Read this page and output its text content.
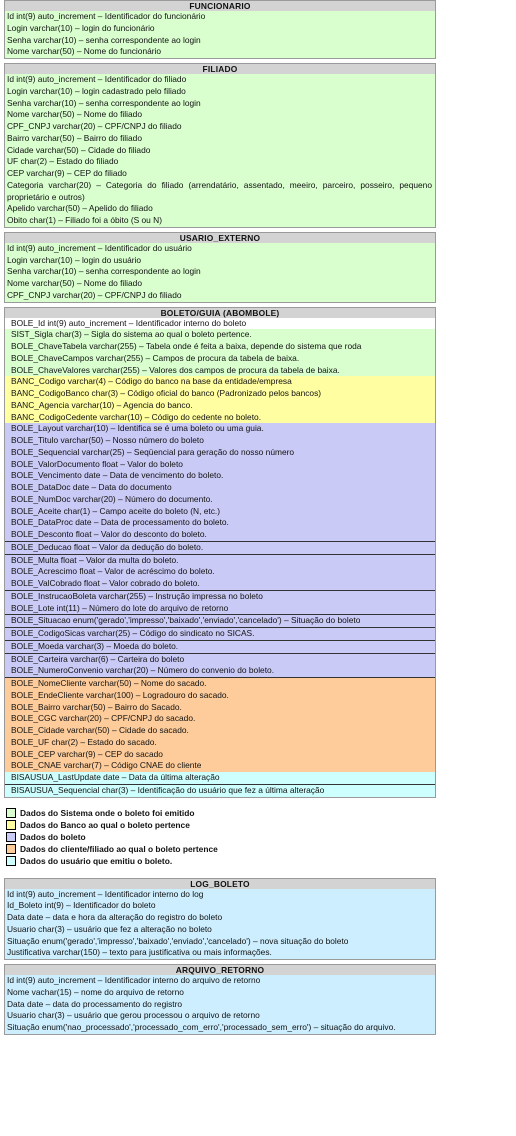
FUNCIONARIO
Id int(9) auto_increment – Identificador do funcionário
Login varchar(10) – login do funcionário
Senha varchar(10) – senha correspondente ao login
Nome varchar(50) – Nome do funcionário
FILIADO
Id int(9) auto_increment – Identificador do filiado
Login varchar(10) – login cadastrado pelo filiado
Senha varchar(10) – senha correspondente ao login
Nome varchar(50) – Nome do filiado
CPF_CNPJ varchar(20) – CPF/CNPJ do filiado
Bairro varchar(50) – Bairro do filiado
Cidade varchar(50) – Cidade do filiado
UF char(2) – Estado do filiado
CEP varchar(9) – CEP do filiado
Categoria varchar(20) – Categoria do filiado (arrendatário, assentado, meeiro, parceiro, posseiro, pequeno proprietário e outros)
Apelido varchar(50) – Apelido do filiado
Obito char(1) – Filiado foi a óbito (S ou N)
USARIO_EXTERNO
Id int(9) auto_increment – Identificador do usuário
Login varchar(10) – login do usuário
Senha varchar(10) – senha correspondente ao login
Nome varchar(50) – Nome do filiado
CPF_CNPJ varchar(20) – CPF/CNPJ do filiado
BOLETO/GUIA (ABOMBOLE)
BOLE_Id int(9) auto_increment – Identificador interno do boleto
SIST_Sigla char(3) – Sigla do sistema ao qual o boleto pertence.
BOLE_ChaveTabela varchar(255) – Tabela onde é feita a baixa, depende do sistema que roda
BOLE_ChaveCampos varchar(255) – Campos de procura da tabela de baixa.
BOLE_ChaveValores varchar(255) – Valores dos campos de procura da tabela de baixa.
BANC_Codigo varchar(4) – Código do banco na base da entidade/empresa
BANC_CodigoBanco char(3) – Código oficial do banco (Padronizado pelos bancos)
BANC_Agencia varchar(10) – Agencia do banco.
BANC_CodigoCedente varchar(10) – Código do cedente no boleto.
BOLE_Layout varchar(10) – Identifica se é uma boleto ou uma guia.
BOLE_Titulo varchar(50) – Nosso número do boleto
BOLE_Sequencial varchar(25) – Seqüencial para geração do nosso número
BOLE_ValorDocumento float – Valor do boleto
BOLE_Vencimento date – Data de vencimento do boleto.
BOLE_DataDoc date – Data do documento
BOLE_NumDoc varchar(20) – Número do documento.
BOLE_Aceite char(1) – Campo aceite do boleto (N, etc.)
BOLE_DataProc date – Data de processamento do boleto.
BOLE_Desconto float – Valor do desconto do boleto.
BOLE_Deducao float – Valor da dedução do boleto.
BOLE_Multa float – Valor da multa do boleto.
BOLE_Acrescimo float – Valor de acréscimo do boleto.
BOLE_ValCobrado float – Valor cobrado do boleto.
BOLE_InstrucaoBoleta varchar(255) – Instrução impressa no boleto
BOLE_Lote int(11) – Número do lote do arquivo de retorno
BOLE_Situacao enum('gerado','impresso','baixado','enviado','cancelado') – Situação do boleto
BOLE_CodigoSicas varchar(25) – Código do sindicato no SICAS.
BOLE_Moeda varchar(3) – Moeda do boleto.
BOLE_Carteira varchar(6) – Carteira do boleto
BOLE_NumeroConvenio varchar(20) – Número do convenio do boleto.
BOLE_NomeCliente varchar(50) – Nome do sacado.
BOLE_EndeCliente varchar(100) – Logradouro do sacado.
BOLE_Bairro varchar(50) – Bairro do Sacado.
BOLE_CGC varchar(20) – CPF/CNPJ do sacado.
BOLE_Cidade varchar(50) – Cidade do sacado.
BOLE_UF char(2) – Estado do sacado.
BOLE_CEP varchar(9) – CEP do sacado
BOLE_CNAE varchar(7) – Código CNAE do cliente
BISAUSUA_LastUpdate date – Data da última alteração
BISAUSUA_Sequencial char(3) – Identificação do usuário que fez a última alteração
Dados do Sistema onde o boleto foi emitido
Dados do Banco ao qual o boleto pertence
Dados do boleto
Dados do cliente/filiado ao qual o boleto pertence
Dados do usuário que emitiu o boleto.
LOG_BOLETO
Id int(9) auto_increment – Identificador interno do log
Id_Boleto int(9) – Identificador do boleto
Data date – data e hora da alteração do registro do boleto
Usuario char(3) – usuário que fez a alteração no boleto
Situação enum('gerado','impresso','baixado','enviado','cancelado') – nova situação do boleto
Justificativa varchar(150) – texto para justificativa ou mais informações.
ARQUIVO_RETORNO
Id int(9) auto_increment – Identificador interno do arquivo de retorno
Nome vachar(15) – nome do arquivo de retorno
Data date – data do processamento do registro
Usuario char(3) – usuário que gerou processou o arquivo de retorno
Situação enum('nao_processado','processado_com_erro','processado_sem_erro') – situação do arquivo.
